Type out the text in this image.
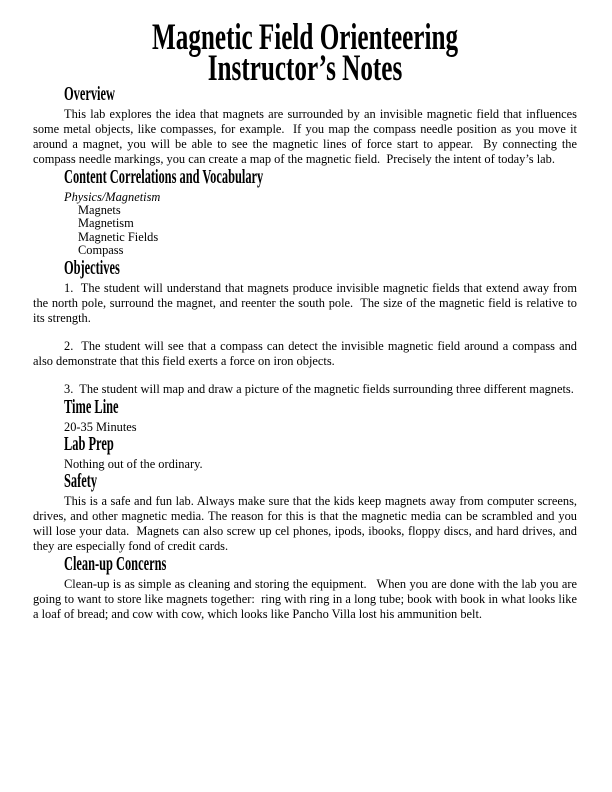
Magnetic Field Orienteering
Instructor’s Notes
Overview

This lab explores the idea that magnets are surrounded by an invisible magnetic field that influences some metal objects, like compasses, for example.  If you map the compass needle position as you move it around a magnet, you will be able to see the magnetic lines of force start to appear.  By connecting the compass needle markings, you can create a map of the magnetic field.  Precisely the intent of today’s lab.

Content Correlations and Vocabulary

Physics/Magnetism

Magnets
Magnetism
Magnetic Fields
Compass
Objectives

1.  The student will understand that magnets produce invisible magnetic fields that extend away from the north pole, surround the magnet, and reenter the south pole.  The size of the magnetic field is relative to its strength.

2.  The student will see that a compass can detect the invisible magnetic field around a compass and also demonstrate that this field exerts a force on iron objects.

3.  The student will map and draw a picture of the magnetic fields surrounding three different magnets.

Time Line

20-35 Minutes

Lab Prep

Nothing out of the ordinary.

Safety

This is a safe and fun lab. Always make sure that the kids keep magnets away from computer screens, drives, and other magnetic media. The reason for this is that the magnetic media can be scrambled and you will lose your data.  Magnets can also screw up cel phones, ipods, ibooks, floppy discs, and hard drives, and they are especially fond of credit cards.

Clean-up Concerns

Clean-up is as simple as cleaning and storing the equipment.   When you are done with the lab you are going to want to store like magnets together:  ring with ring in a long tube; book with book in what looks like a loaf of bread; and cow with cow, which looks like Pancho Villa lost his ammunition belt.
